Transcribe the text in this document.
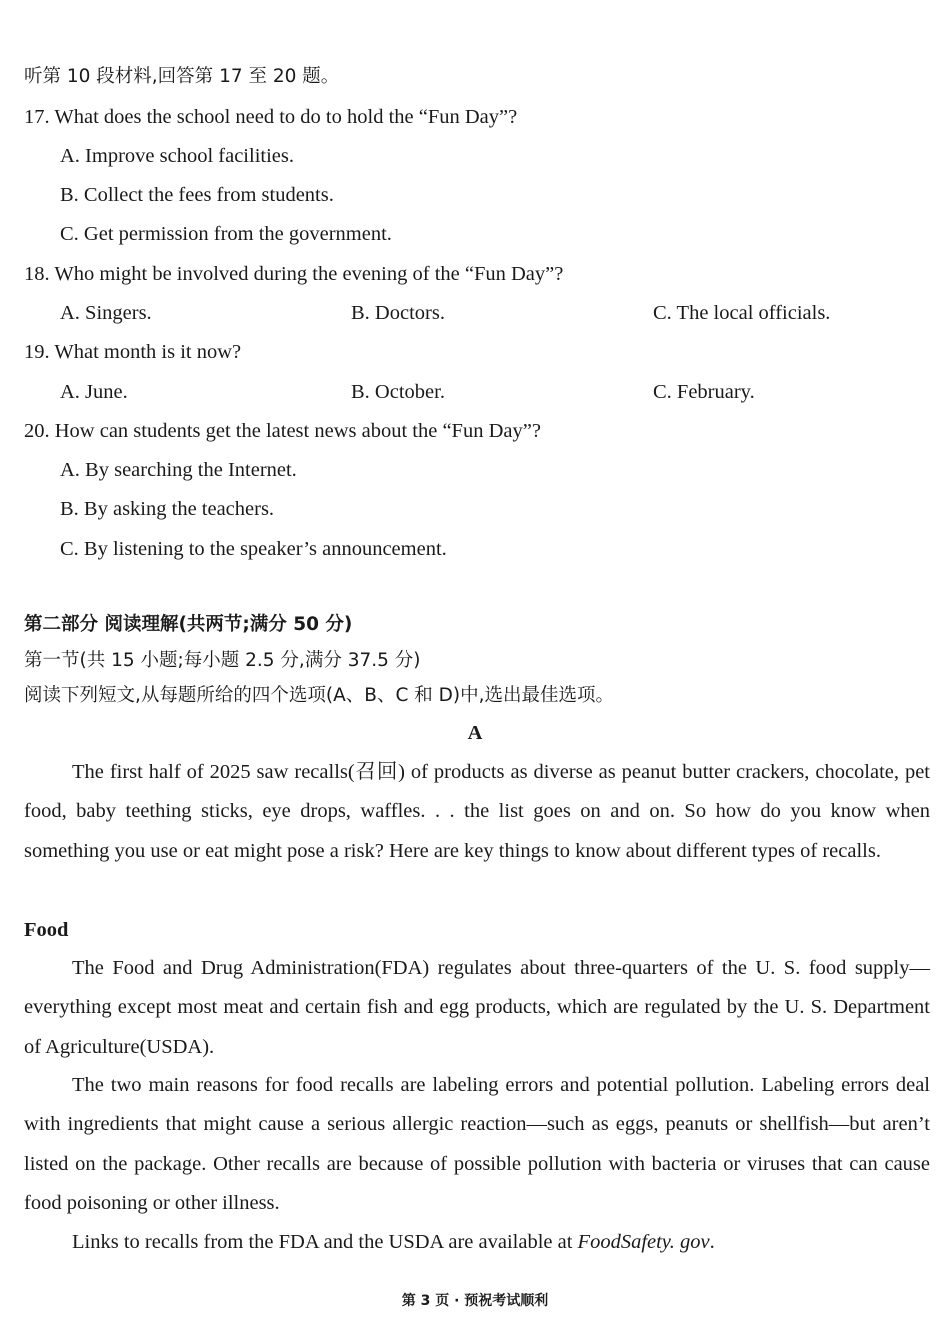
听第 10 段材料,回答第 17 至 20 题。
17. What does the school need to do to hold the “Fun Day”?
A. Improve school facilities.
B. Collect the fees from students.
C. Get permission from the government.
18. Who might be involved during the evening of the “Fun Day”?
A. Singers.	B. Doctors.	C. The local officials.
19. What month is it now?
A. June.	B. October.	C. February.
20. How can students get the latest news about the “Fun Day”?
A. By searching the Internet.
B. By asking the teachers.
C. By listening to the speaker’s announcement.
第二部分 阅读理解(共两节;满分 50 分)
第一节(共 15 小题;每小题 2.5 分,满分 37.5 分)
阅读下列短文,从每题所给的四个选项(A、B、C 和 D)中,选出最佳选项。
A

The first half of 2025 saw recalls(召回) of products as diverse as peanut butter crackers, chocolate, pet food, baby teething sticks, eye drops, waffles. . . the list goes on and on. So how do you know when something you use or eat might pose a risk? Here are key things to know about different types of recalls.

Food

The Food and Drug Administration(FDA) regulates about three-quarters of the U. S. food supply—everything except most meat and certain fish and egg products, which are regulated by the U. S. Department of Agriculture(USDA).

The two main reasons for food recalls are labeling errors and potential pollution. Labeling errors deal with ingredients that might cause a serious allergic reaction—such as eggs, peanuts or shellfish—but aren’t listed on the package. Other recalls are because of possible pollution with bacteria or viruses that can cause food poisoning or other illness.

Links to recalls from the FDA and the USDA are available at FoodSafety. gov.

第 3 页 · 预祝考试顺利
